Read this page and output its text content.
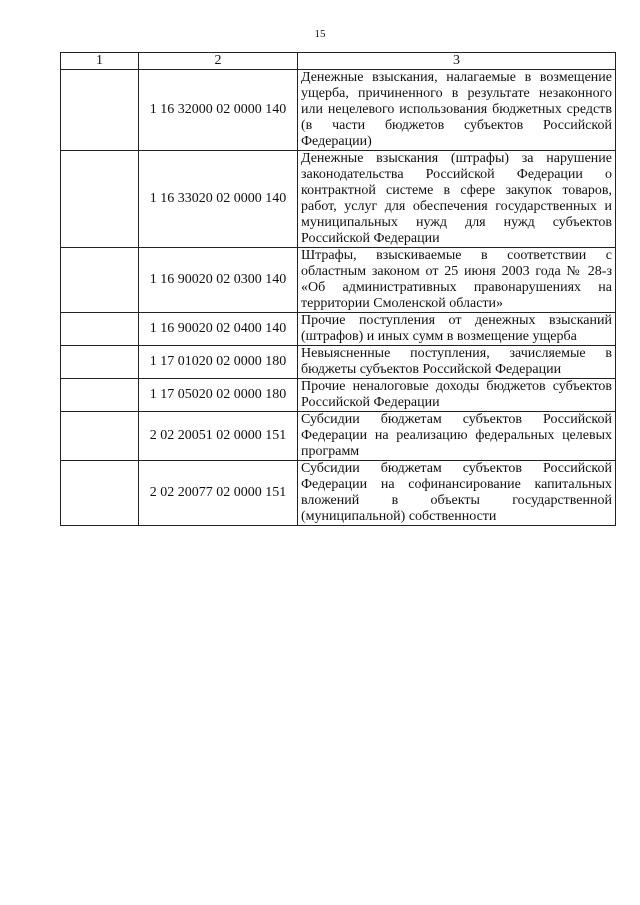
15
1	2	3
	1 16 32000 02 0000 140	Денежные взыскания, налагаемые в возмещение ущерба, причиненного в результате незаконного или нецелевого использования бюджетных средств (в части бюджетов субъектов Российской Федерации)
	1 16 33020 02 0000 140	Денежные взыскания (штрафы) за нарушение законодательства Российской Федерации о контрактной системе в сфере закупок товаров, работ, услуг для обеспечения государственных и муниципальных нужд для нужд субъектов Российской Федерации
	1 16 90020 02 0300 140	Штрафы, взыскиваемые в соответствии с областным законом от 25 июня 2003 года № 28-з «Об административных правонарушениях на территории Смоленской области»
	1 16 90020 02 0400 140	Прочие поступления от денежных взысканий (штрафов) и иных сумм в возмещение ущерба
	1 17 01020 02 0000 180	Невыясненные поступления, зачисляемые в бюджеты субъектов Российской Федерации
	1 17 05020 02 0000 180	Прочие неналоговые доходы бюджетов субъектов Российской Федерации
	2 02 20051 02 0000 151	Субсидии бюджетам субъектов Российской Федерации на реализацию федеральных целевых программ
	2 02 20077 02 0000 151	Субсидии бюджетам субъектов Российской Федерации на софинансирование капитальных вложений в объекты государственной (муниципальной) собственности
